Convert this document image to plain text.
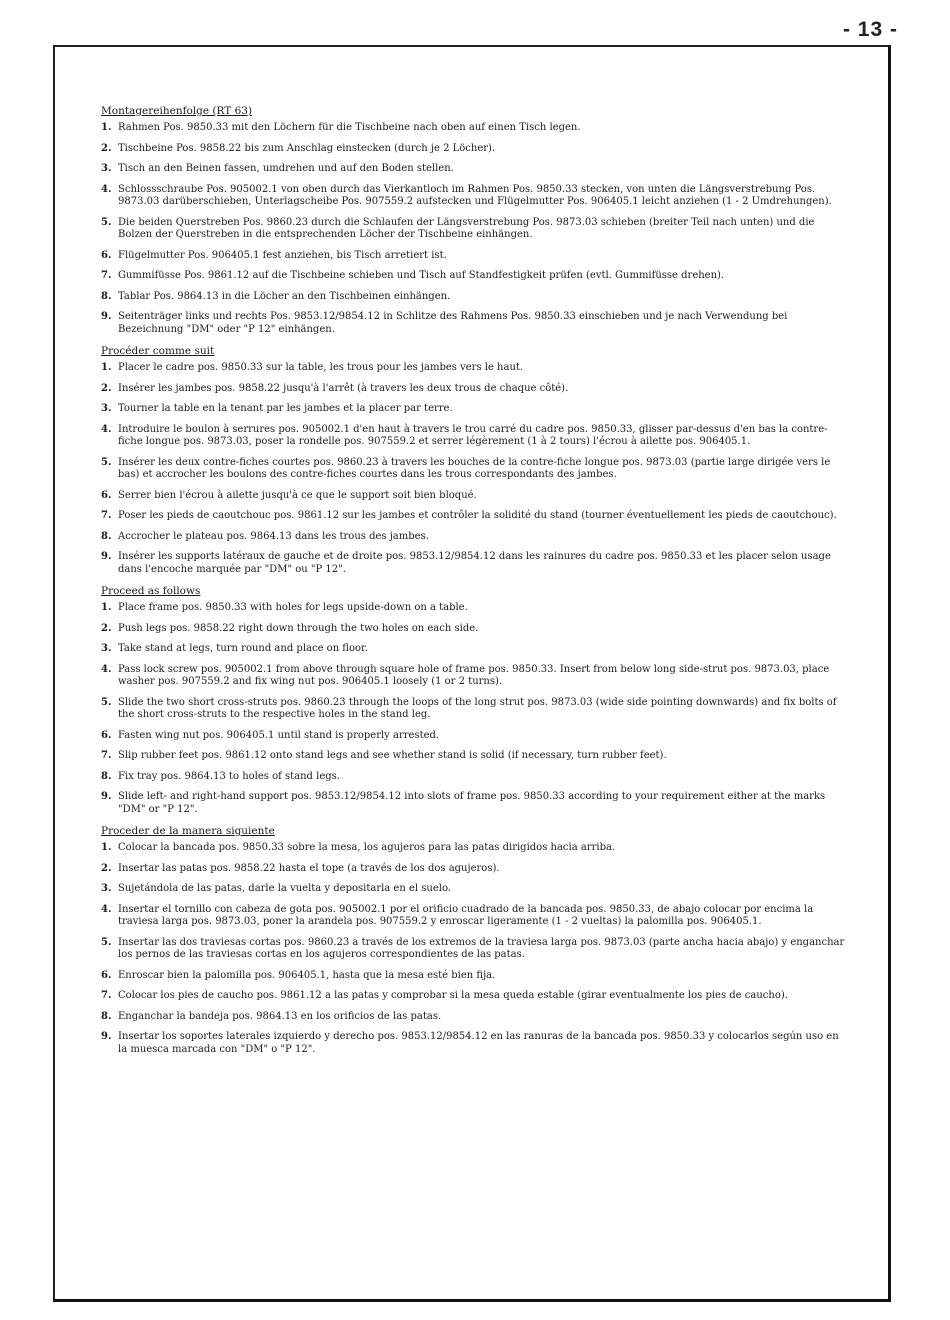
- 13 -
Montagereihenfolge (RT 63)
1. Rahmen Pos. 9850.33 mit den Löchern für die Tischbeine nach oben auf einen Tisch legen.
2. Tischbeine Pos. 9858.22 bis zum Anschlag einstecken (durch je 2 Löcher).
3. Tisch an den Beinen fassen, umdrehen und auf den Boden stellen.
4. Schlossschraube Pos. 905002.1 von oben durch das Vierkantloch im Rahmen Pos. 9850.33 stecken, von unten die Längsverstrebung Pos. 9873.03 darüberschieben, Unterlagscheibe Pos. 907559.2 aufstecken und Flügelmutter Pos. 906405.1 leicht anziehen (1 - 2 Umdrehungen).
5. Die beiden Querstreben Pos. 9860.23 durch die Schlaufen der Längsverstrebung Pos. 9873.03 schieben (breiter Teil nach unten) und die Bolzen der Querstreben in die entsprechenden Löcher der Tischbeine einhängen.
6. Flügelmutter Pos. 906405.1 fest anziehen, bis Tisch arretiert ist.
7. Gummifüsse Pos. 9861.12 auf die Tischbeine schieben und Tisch auf Standfestigkeit prüfen (evtl. Gummifüsse drehen).
8. Tablar Pos. 9864.13 in die Löcher an den Tischbeinen einhängen.
9. Seitenträger links und rechts Pos. 9853.12/9854.12 in Schlitze des Rahmens Pos. 9850.33 einschieben und je nach Verwendung bei Bezeichnung "DM" oder "P 12" einhängen.
Procéder comme suit
1. Placer le cadre pos. 9850.33 sur la table, les trous pour les jambes vers le haut.
2. Insérer les jambes pos. 9858.22 jusqu'à l'arrêt (à travers les deux trous de chaque côté).
3. Tourner la table en la tenant par les jambes et la placer par terre.
4. Introduire le boulon à serrures pos. 905002.1 d'en haut à travers le trou carré du cadre pos. 9850.33, glisser par-dessus d'en bas la contre-fiche longue pos. 9873.03, poser la rondelle pos. 907559.2 et serrer légèrement (1 à 2 tours) l'écrou à ailette pos. 906405.1.
5. Insérer les deux contre-fiches courtes pos. 9860.23 à travers les bouches de la contre-fiche longue pos. 9873.03 (partie large dirigée vers le bas) et accrocher les boulons des contre-fiches courtes dans les trous correspondants des jambes.
6. Serrer bien l'écrou à ailette jusqu'à ce que le support soit bien bloqué.
7. Poser les pieds de caoutchouc pos. 9861.12 sur les jambes et contrôler la solidité du stand (tourner éventuellement les pieds de caoutchouc).
8. Accrocher le plateau pos. 9864.13 dans les trous des jambes.
9. Insérer les supports latéraux de gauche et de droite pos. 9853.12/9854.12 dans les rainures du cadre pos. 9850.33 et les placer selon usage dans l'encoche marquée par "DM" ou "P 12".
Proceed as follows
1. Place frame pos. 9850.33 with holes for legs upside-down on a table.
2. Push legs pos. 9858.22 right down through the two holes on each side.
3. Take stand at legs, turn round and place on floor.
4. Pass lock screw pos. 905002.1 from above through square hole of frame pos. 9850.33. Insert from below long side-strut pos. 9873.03, place washer pos. 907559.2 and fix wing nut pos. 906405.1 loosely (1 or 2 turns).
5. Slide the two short cross-struts pos. 9860.23 through the loops of the long strut pos. 9873.03 (wide side pointing downwards) and fix bolts of the short cross-struts to the respective holes in the stand leg.
6. Fasten wing nut pos. 906405.1 until stand is properly arrested.
7. Slip rubber feet pos. 9861.12 onto stand legs and see whether stand is solid (if necessary, turn rubber feet).
8. Fix tray pos. 9864.13 to holes of stand legs.
9. Slide left- and right-hand support pos. 9853.12/9854.12 into slots of frame pos. 9850.33 according to your requirement either at the marks "DM" or "P 12".
Proceder de la manera siguiente
1. Colocar la bancada pos. 9850.33 sobre la mesa, los agujeros para las patas dirigidos hacia arriba.
2. Insertar las patas pos. 9858.22 hasta el tope (a través de los dos agujeros).
3. Sujetándola de las patas, darle la vuelta y depositarla en el suelo.
4. Insertar el tornillo con cabeza de gota pos. 905002.1 por el orificio cuadrado de la bancada pos. 9850.33, de abajo colocar por encima la traviesa larga pos. 9873.03, poner la arandela pos. 907559.2 y enroscar ligeramente (1 - 2 vueltas) la palomilla pos. 906405.1.
5. Insertar las dos traviesas cortas pos. 9860.23 a través de los extremos de la traviesa larga pos. 9873.03 (parte ancha hacia abajo) y enganchar los pernos de las traviesas cortas en los agujeros correspondientes de las patas.
6. Enroscar bien la palomilla pos. 906405.1, hasta que la mesa esté bien fija.
7. Colocar los pies de caucho pos. 9861.12 a las patas y comprobar si la mesa queda estable (girar eventualmente los pies de caucho).
8. Enganchar la bandeja pos. 9864.13 en los orificios de las patas.
9. Insertar los soportes laterales izquierdo y derecho pos. 9853.12/9854.12 en las ranuras de la bancada pos. 9850.33 y colocarlos según uso en la muesca marcada con "DM" o "P 12".
